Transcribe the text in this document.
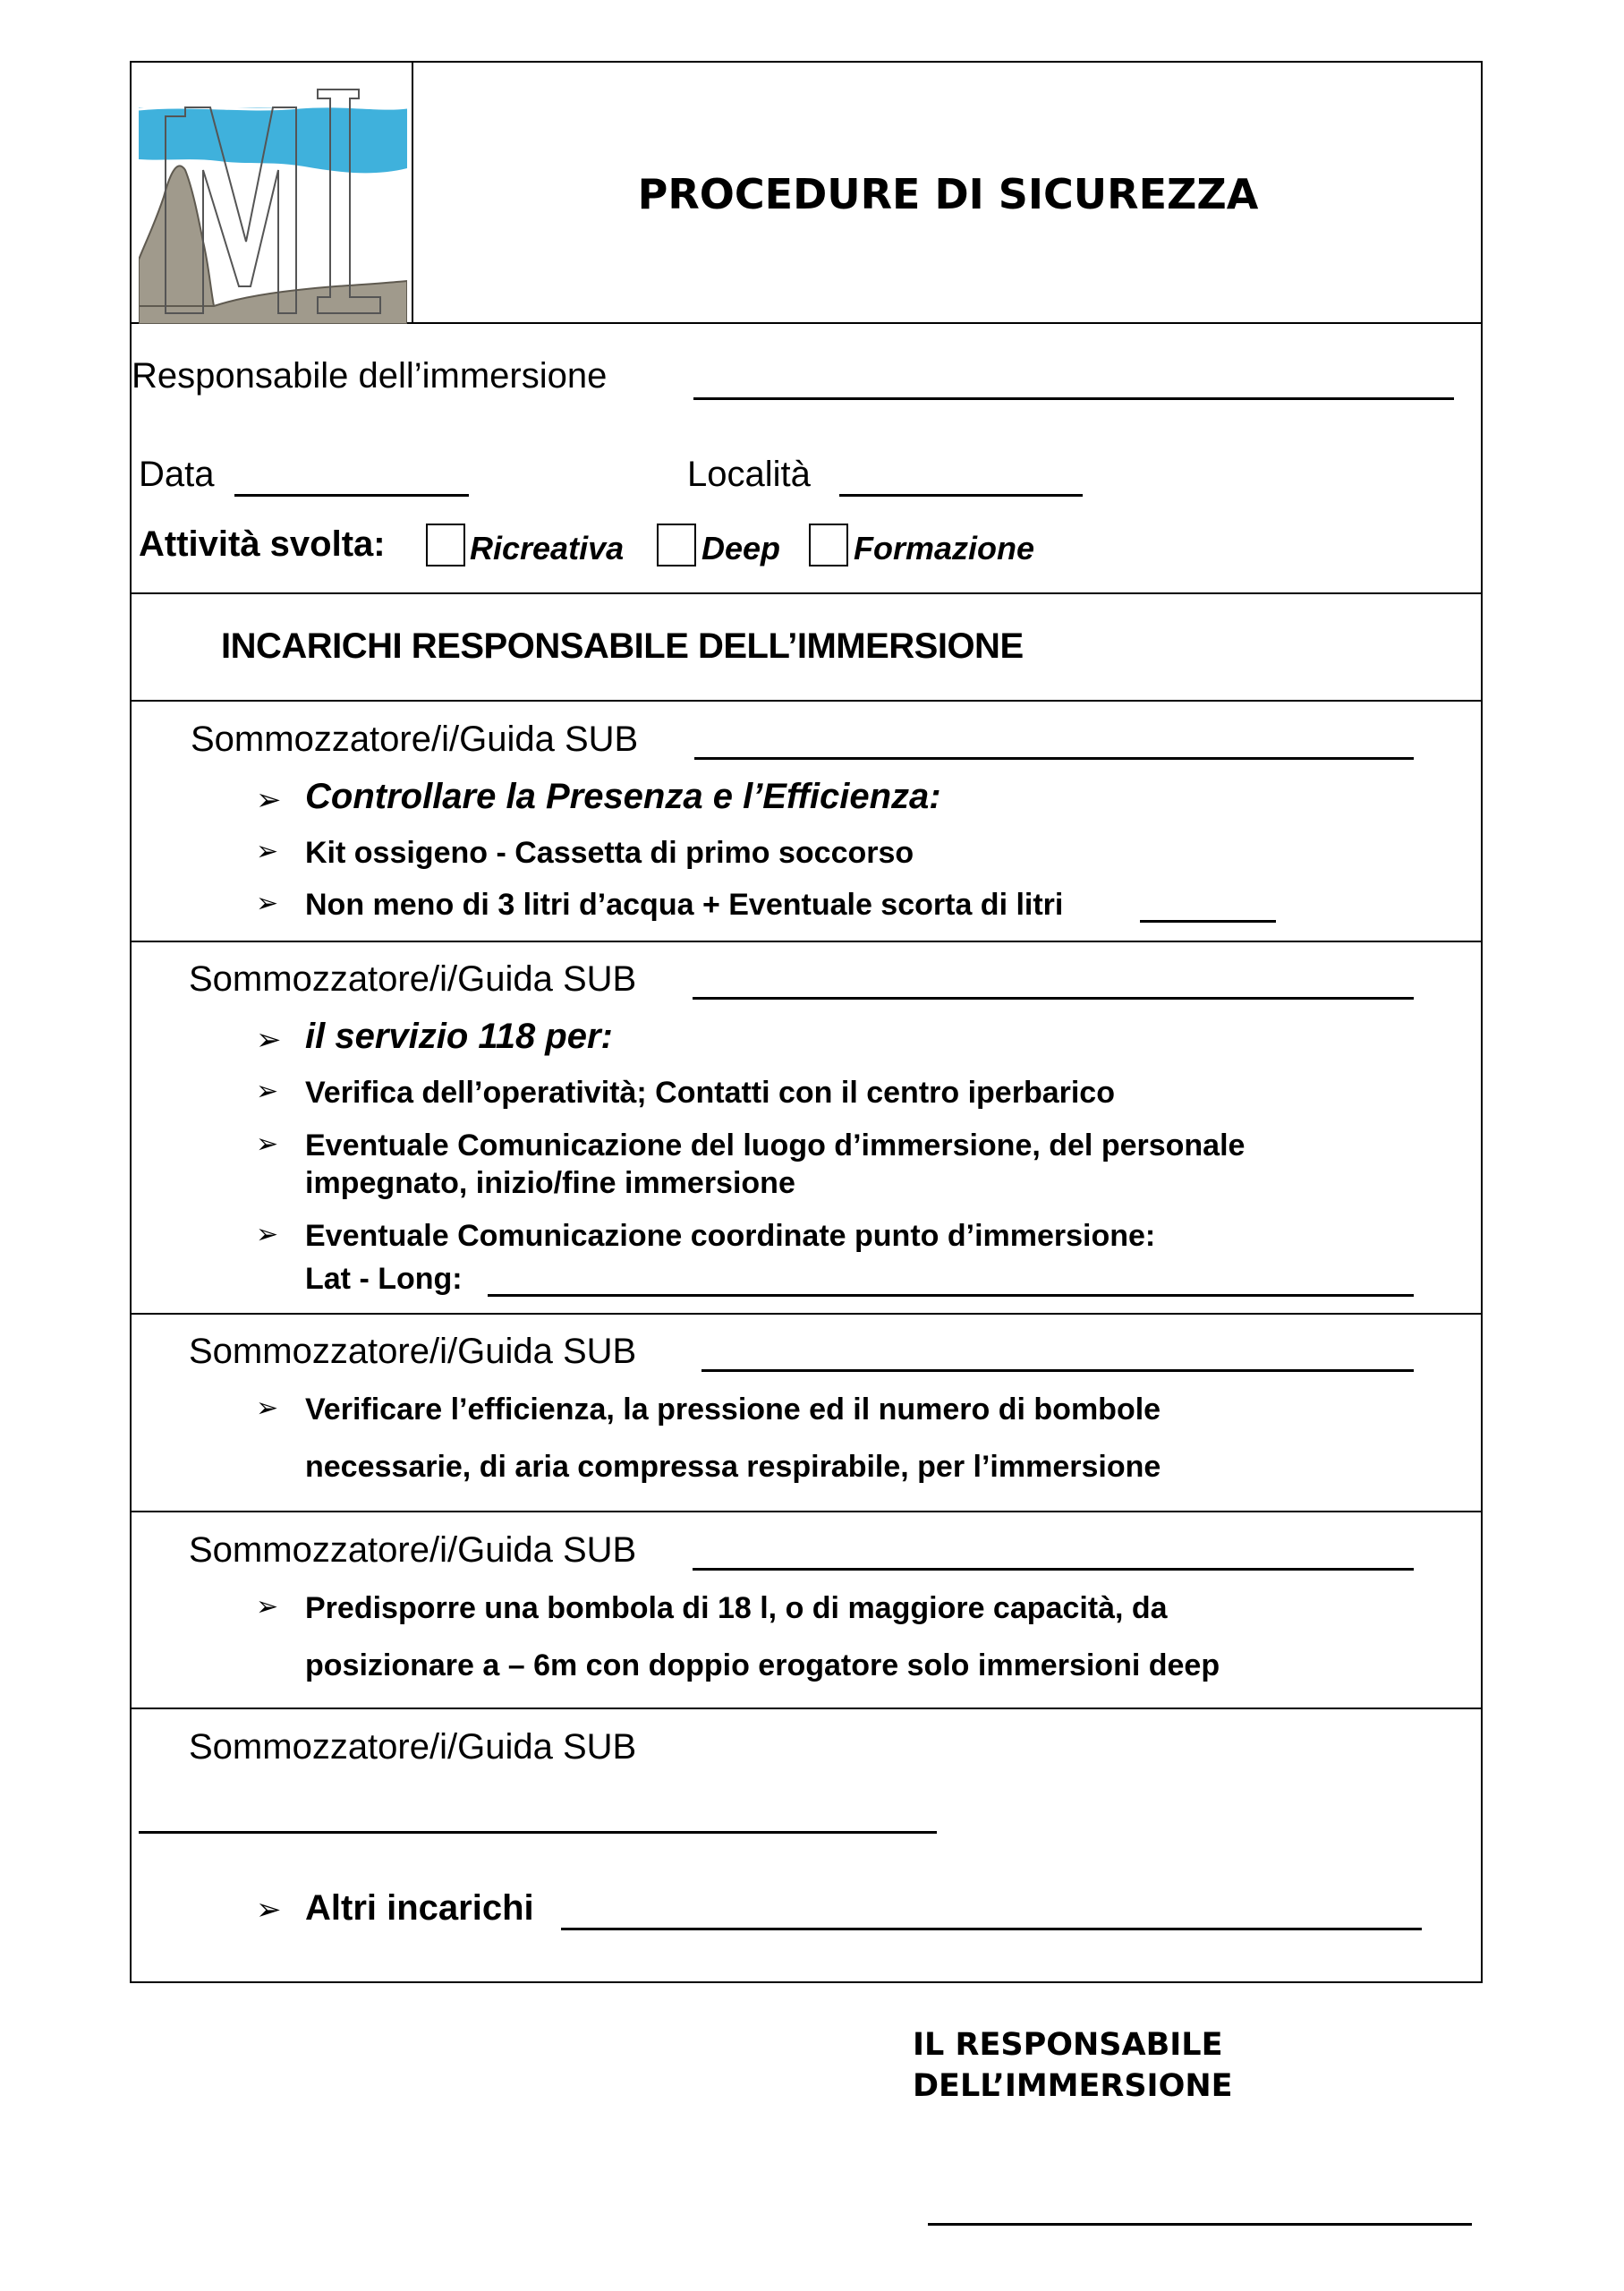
PROCEDURE DI SICUREZZA
Responsabile dell’immersione
Data	Località
Attività svolta:	Ricreativa Deep Formazione
INCARICHI RESPONSABILE DELL’IMMERSIONE
Sommozzatore/i/Guida SUB
➢ Controllare la Presenza e l’Efficienza:
➢ Kit ossigeno - Cassetta di primo soccorso
➢ Non meno di 3 litri d’acqua + Eventuale scorta di litri
Sommozzatore/i/Guida SUB
➢ il servizio 118 per:
➢ Verifica dell’operatività; Contatti con il centro iperbarico
➢ Eventuale Comunicazione del luogo d’immersione, del personale
impegnato, inizio/fine immersione
➢ Eventuale Comunicazione coordinate punto d’immersione:
Lat - Long:
Sommozzatore/i/Guida SUB
➢ Verificare l’efficienza, la pressione ed il numero di bombole
necessarie, di aria compressa respirabile, per l’immersione
Sommozzatore/i/Guida SUB
➢ Predisporre una bombola di 18 l, o di maggiore capacità, da
posizionare a – 6m con doppio erogatore solo immersioni deep
Sommozzatore/i/Guida SUB
➢ Altri incarichi
IL RESPONSABILE
DELL’IMMERSIONE
